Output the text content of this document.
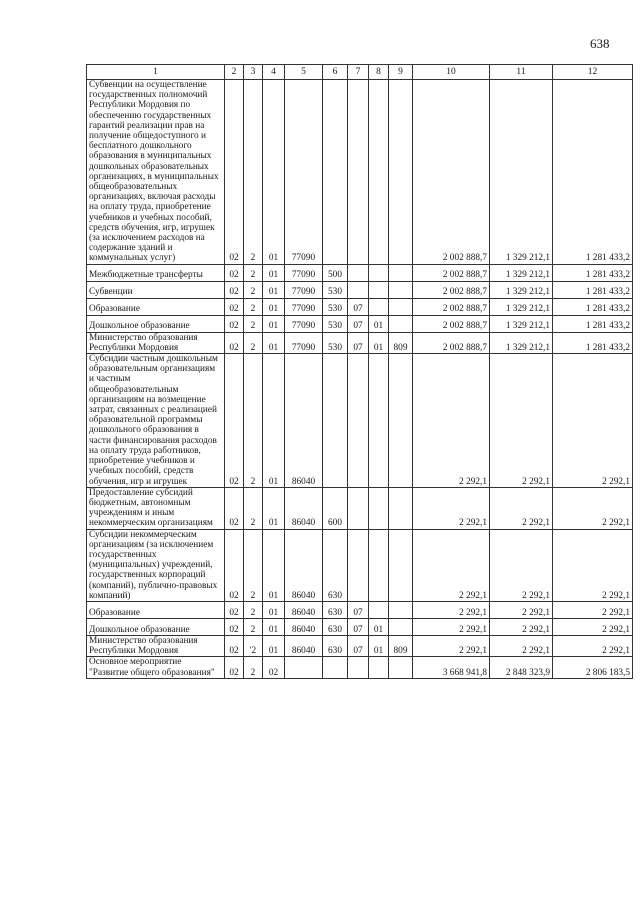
638
1	2	3	4	5	6	7	8	9	10	11	12
Субвенции на осуществление государственных полномочий Республики Мордовия по обеспечению государственных гарантий реализации прав на получение общедоступного и бесплатного дошкольного образования в муниципальных дошкольных образовательных организациях, в муниципальных общеобразовательных организациях, включая расходы на оплату труда, приобретение учебников и учебных пособий, средств обучения, игр, игрушек (за исключением расходов на содержание зданий и коммунальных услуг)	02	2	01	77090					2 002 888,7	1 329 212,1	1 281 433,2
Межбюджетные трансферты	02	2	01	77090	500				2 002 888,7	1 329 212,1	1 281 433,2
Субвенции	02	2	01	77090	530				2 002 888,7	1 329 212,1	1 281 433,2
Образование	02	2	01	77090	530	07			2 002 888,7	1 329 212,1	1 281 433,2
Дошкольное образование	02	2	01	77090	530	07	01		2 002 888,7	1 329 212,1	1 281 433,2
Министерство образования Республики Мордовия	02	2	01	77090	530	07	01	809	2 002 888,7	1 329 212,1	1 281 433,2
Субсидии частным дошкольным образовательным организациям и частным общеобразовательным организациям на возмещение затрат, связанных с реализацией образовательной программы дошкольного образования в части финансирования расходов на оплату труда работников, приобретение учебников и учебных пособий, средств обучения, игр и игрушек	02	2	01	86040					2 292,1	2 292,1	2 292,1
Предоставление субсидий бюджетным, автономным учреждениям и иным некоммерческим организациям	02	2	01	86040	600				2 292,1	2 292,1	2 292,1
Субсидии некоммерческим организациям (за исключением государственных (муниципальных) учреждений, государственных корпораций (компаний), публично-правовых компаний)	02	2	01	86040	630				2 292,1	2 292,1	2 292,1
Образование	02	2	01	86040	630	07			2 292,1	2 292,1	2 292,1
Дошкольное образование	02	2	01	86040	630	07	01		2 292,1	2 292,1	2 292,1
Министерство образования Республики Мордовия	02	'2	01	86040	630	07	01	809	2 292,1	2 292,1	2 292,1
Основное мероприятие "Развитие общего образования"	02	2	02						3 668 941,8	2 848 323,9	2 806 183,5
